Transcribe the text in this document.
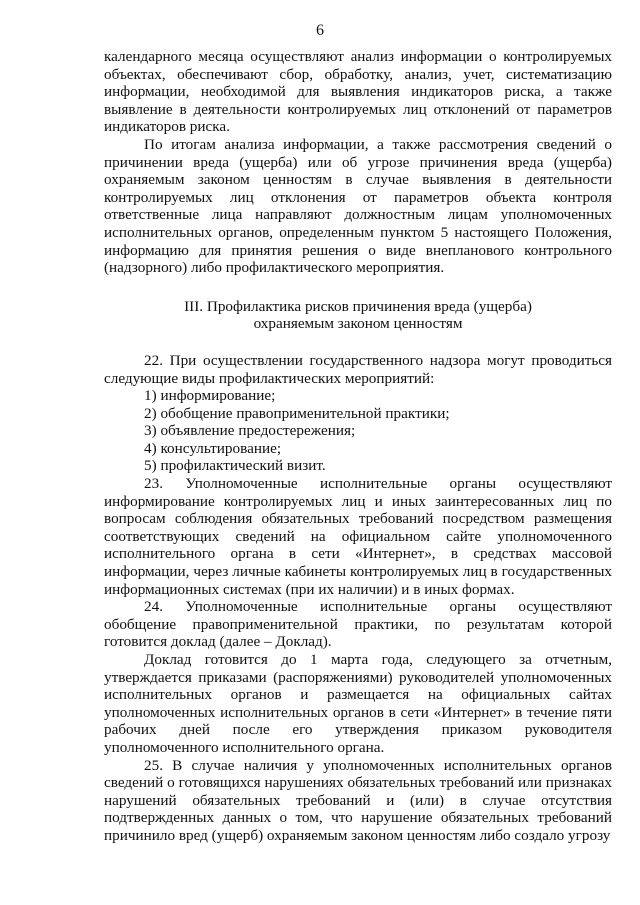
6

календарного месяца осуществляют анализ информации о контролируемых объектах, обеспечивают сбор, обработку, анализ, учет, систематизацию информации, необходимой для выявления индикаторов риска, а также выявление в деятельности контролируемых лиц отклонений от параметров индикаторов риска.

По итогам анализа информации, а также рассмотрения сведений о причинении вреда (ущерба) или об угрозе причинения вреда (ущерба) охраняемым законом ценностям в случае выявления в деятельности контролируемых лиц отклонения от параметров объекта контроля ответственные лица направляют должностным лицам уполномоченных исполнительных органов, определенным пунктом 5 настоящего Положения, информацию для принятия решения о виде внепланового контрольного (надзорного) либо профилактического мероприятия.

III. Профилактика рисков причинения вреда (ущерба)
охраняемым законом ценностям

22. При осуществлении государственного надзора могут проводиться следующие виды профилактических мероприятий:

1) информирование;

2) обобщение правоприменительной практики;

3) объявление предостережения;

4) консультирование;

5) профилактический визит.

23. Уполномоченные исполнительные органы осуществляют информирование контролируемых лиц и иных заинтересованных лиц по вопросам соблюдения обязательных требований посредством размещения соответствующих сведений на официальном сайте уполномоченного исполнительного органа в сети «Интернет», в средствах массовой информации, через личные кабинеты контролируемых лиц в государственных информационных системах (при их наличии) и в иных формах.

24. Уполномоченные исполнительные органы осуществляют обобщение правоприменительной практики, по результатам которой готовится доклад (далее – Доклад).

Доклад готовится до 1 марта года, следующего за отчетным, утверждается приказами (распоряжениями) руководителей уполномоченных исполнительных органов и размещается на официальных сайтах уполномоченных исполнительных органов в сети «Интернет» в течение пяти рабочих дней после его утверждения приказом руководителя уполномоченного исполнительного органа.

25. В случае наличия у уполномоченных исполнительных органов сведений о готовящихся нарушениях обязательных требований или признаках нарушений обязательных требований и (или) в случае отсутствия подтвержденных данных о том, что нарушение обязательных требований причинило вред (ущерб) охраняемым законом ценностям либо создало угрозу
